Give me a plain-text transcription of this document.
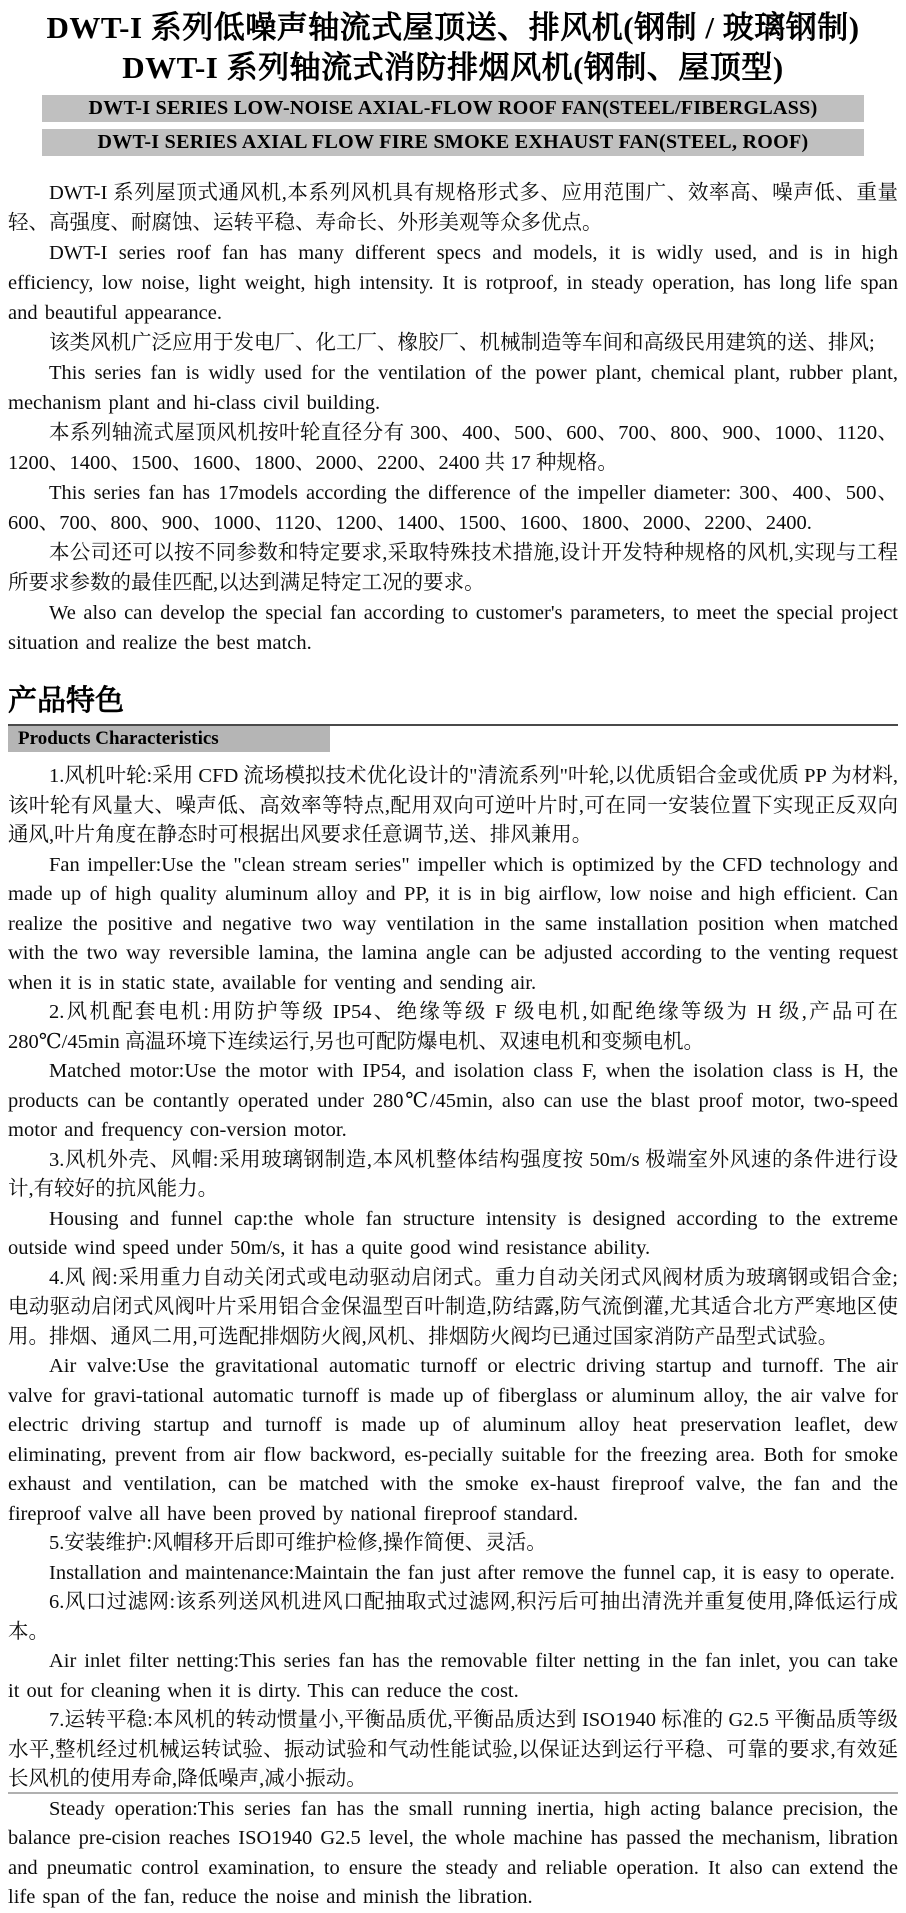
DWT-I 系列低噪声轴流式屋顶送、排风机(钢制 / 玻璃钢制)
DWT-I 系列轴流式消防排烟风机(钢制、屋顶型)
DWT-I SERIES LOW-NOISE AXIAL-FLOW ROOF FAN(STEEL/FIBERGLASS)
DWT-I SERIES AXIAL FLOW FIRE SMOKE EXHAUST FAN(STEEL, ROOF)

DWT-I 系列屋顶式通风机,本系列风机具有规格形式多、应用范围广、效率高、噪声低、重量轻、高强度、耐腐蚀、运转平稳、寿命长、外形美观等众多优点。

DWT-I series roof fan has many different specs and models, it is widly used, and is in high efficiency, low noise, light weight, high intensity. It is rotproof, in steady operation, has long life span and beautiful appearance.

该类风机广泛应用于发电厂、化工厂、橡胶厂、机械制造等车间和高级民用建筑的送、排风;

This series fan is widly used for the ventilation of the power plant, chemical plant, rubber plant, mechanism plant and hi-class civil building.

本系列轴流式屋顶风机按叶轮直径分有 300、400、500、600、700、800、900、1000、1120、1200、1400、1500、1600、1800、2000、2200、2400 共 17 种规格。

This series fan has 17models according the difference of the impeller diameter: 300、400、500、600、700、800、900、1000、1120、1200、1400、1500、1600、1800、2000、2200、2400.

本公司还可以按不同参数和特定要求,采取特殊技术措施,设计开发特种规格的风机,实现与工程所要求参数的最佳匹配,以达到满足特定工况的要求。

We also can develop the special fan according to customer's parameters, to meet the special project situation and realize the best match.

产品特色
Products Characteristics

1.风机叶轮:采用 CFD 流场模拟技术优化设计的"清流系列"叶轮,以优质铝合金或优质 PP 为材料,该叶轮有风量大、噪声低、高效率等特点,配用双向可逆叶片时,可在同一安装位置下实现正反双向通风,叶片角度在静态时可根据出风要求任意调节,送、排风兼用。

Fan impeller:Use the "clean stream series" impeller which is optimized by the CFD technology and made up of high quality aluminum alloy and PP, it is in big airflow, low noise and high efficient. Can realize the positive and negative two way ventilation in the same installation position when matched with the two way reversible lamina, the lamina angle can be adjusted according to the venting request when it is in static state, available for venting and sending air.

2.风机配套电机:用防护等级 IP54、绝缘等级 F 级电机,如配绝缘等级为 H 级,产品可在 280℃/45min 高温环境下连续运行,另也可配防爆电机、双速电机和变频电机。

Matched motor:Use the motor with IP54, and isolation class F, when the isolation class is H, the products can be contantly operated under 280℃/45min, also can use the blast proof motor, two-speed motor and frequency con-version motor.

3.风机外壳、风帽:采用玻璃钢制造,本风机整体结构强度按 50m/s 极端室外风速的条件进行设计,有较好的抗风能力。

Housing and funnel cap:the whole fan structure intensity is designed according to the extreme outside wind speed under 50m/s, it has a quite good wind resistance ability.

4.风 阀:采用重力自动关闭式或电动驱动启闭式。重力自动关闭式风阀材质为玻璃钢或铝合金;电动驱动启闭式风阀叶片采用铝合金保温型百叶制造,防结露,防气流倒灌,尤其适合北方严寒地区使用。排烟、通风二用,可选配排烟防火阀,风机、排烟防火阀均已通过国家消防产品型式试验。

Air valve:Use the gravitational automatic turnoff or electric driving startup and turnoff. The air valve for gravi-tational automatic turnoff is made up of fiberglass or aluminum alloy, the air valve for electric driving startup and turnoff is made up of aluminum alloy heat preservation leaflet, dew eliminating, prevent from air flow backword, es-pecially suitable for the freezing area. Both for smoke exhaust and ventilation, can be matched with the smoke ex-haust fireproof valve, the fan and the fireproof valve all have been proved by national fireproof standard.

5.安装维护:风帽移开后即可维护检修,操作简便、灵活。

Installation and maintenance:Maintain the fan just after remove the funnel cap, it is easy to operate.

6.风口过滤网:该系列送风机进风口配抽取式过滤网,积污后可抽出清洗并重复使用,降低运行成本。

Air inlet filter netting:This series fan has the removable filter netting in the fan inlet, you can take it out for cleaning when it is dirty. This can reduce the cost.

7.运转平稳:本风机的转动惯量小,平衡品质优,平衡品质达到 ISO1940 标准的 G2.5 平衡品质等级水平,整机经过机械运转试验、振动试验和气动性能试验,以保证达到运行平稳、可靠的要求,有效延长风机的使用寿命,降低噪声,减小振动。

Steady operation:This series fan has the small running inertia, high acting balance precision, the balance pre-cision reaches ISO1940 G2.5 level, the whole machine has passed the mechanism, libration and pneumatic control examination, to ensure the steady and reliable operation. It also can extend the life span of the fan, reduce the noise and minish the libration.
